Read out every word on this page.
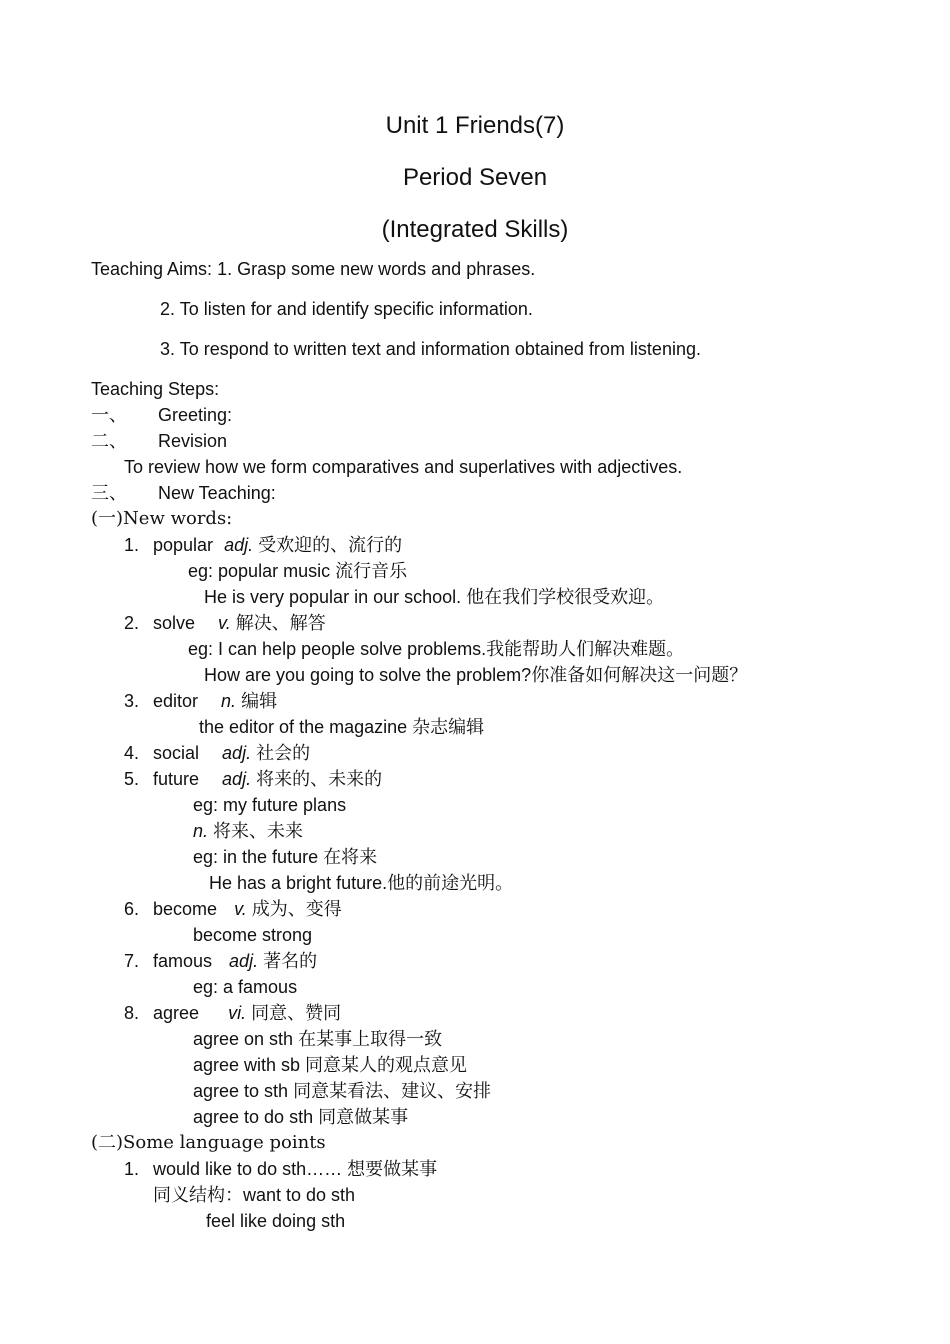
Unit 1 Friends(7)
Period Seven
(Integrated Skills)
Teaching Aims: 1. Grasp some new words and phrases.
2. To listen for and identify specific information.
3. To respond to written text and information obtained from listening.
Teaching Steps:
一、 Greeting:
二、 Revision
To review how we form comparatives and superlatives with adjectives.
三、 New Teaching:
(一)New words:
1. popular adj. 受欢迎的、流行的
eg: popular music 流行音乐
He is very popular in our school. 他在我们学校很受欢迎。
2. solve v. 解决、解答
eg: I can help people solve problems.我能帮助人们解决难题。
How are you going to solve the problem?你准备如何解决这一问题？
3. editor n. 编辑
the editor of the magazine 杂志编辑
4. social adj. 社会的
5. future adj. 将来的、未来的
eg: my future plans
n. 将来、未来
eg: in the future 在将来
He has a bright future.他的前途光明。
6. become v. 成为、变得
become strong
7. famous adj. 著名的
eg: a famous
8. agree vi. 同意、赞同
agree on sth 在某事上取得一致
agree with sb 同意某人的观点意见
agree to sth 同意某看法、建议、安排
agree to do sth 同意做某事
(二)Some language points
1. would like to do sth…… 想要做某事
同义结构：want to do sth
feel like doing sth
